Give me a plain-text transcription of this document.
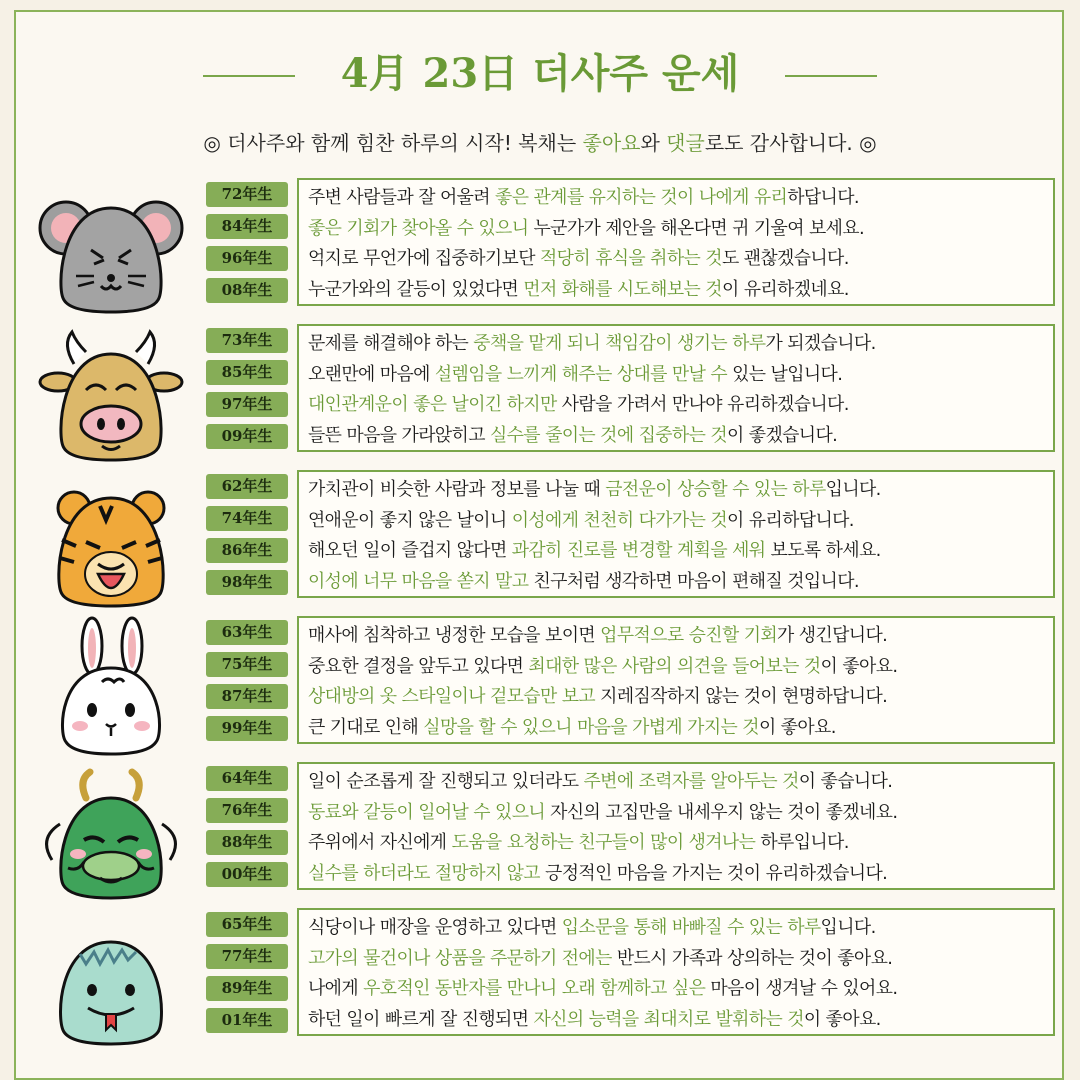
4月 23日 더사주 운세
◎ 더사주와 함께 힘찬 하루의 시작! 복채는 좋아요와 댓글로도 감사합니다. ◎
72年生
84年生
96年生
08年生
주변 사람들과 잘 어울려 좋은 관계를 유지하는 것이 나에게 유리하답니다.
좋은 기회가 찾아올 수 있으니 누군가가 제안을 해온다면 귀 기울여 보세요.
억지로 무언가에 집중하기보단 적당히 휴식을 취하는 것도 괜찮겠습니다.
누군가와의 갈등이 있었다면 먼저 화해를 시도해보는 것이 유리하겠네요.
73年生
85年生
97年生
09年生
문제를 해결해야 하는 중책을 맡게 되니 책임감이 생기는 하루가 되겠습니다.
오랜만에 마음에 설렘임을 느끼게 해주는 상대를 만날 수 있는 날입니다.
대인관계운이 좋은 날이긴 하지만 사람을 가려서 만나야 유리하겠습니다.
들뜬 마음을 가라앉히고 실수를 줄이는 것에 집중하는 것이 좋겠습니다.
62年生
74年生
86年生
98年生
가치관이 비슷한 사람과 정보를 나눌 때 금전운이 상승할 수 있는 하루입니다.
연애운이 좋지 않은 날이니 이성에게 천천히 다가가는 것이 유리하답니다.
해오던 일이 즐겁지 않다면 과감히 진로를 변경할 계획을 세워 보도록 하세요.
이성에 너무 마음을 쏟지 말고 친구처럼 생각하면 마음이 편해질 것입니다.
63年生
75年生
87年生
99年生
매사에 침착하고 냉정한 모습을 보이면 업무적으로 승진할 기회가 생긴답니다.
중요한 결정을 앞두고 있다면 최대한 많은 사람의 의견을 들어보는 것이 좋아요.
상대방의 옷 스타일이나 겉모습만 보고 지레짐작하지 않는 것이 현명하답니다.
큰 기대로 인해 실망을 할 수 있으니 마음을 가볍게 가지는 것이 좋아요.
64年生
76年生
88年生
00年生
일이 순조롭게 잘 진행되고 있더라도 주변에 조력자를 알아두는 것이 좋습니다.
동료와 갈등이 일어날 수 있으니 자신의 고집만을 내세우지 않는 것이 좋겠네요.
주위에서 자신에게 도움을 요청하는 친구들이 많이 생겨나는 하루입니다.
실수를 하더라도 절망하지 않고 긍정적인 마음을 가지는 것이 유리하겠습니다.
65年生
77年生
89年生
01年生
식당이나 매장을 운영하고 있다면 입소문을 통해 바빠질 수 있는 하루입니다.
고가의 물건이나 상품을 주문하기 전에는 반드시 가족과 상의하는 것이 좋아요.
나에게 우호적인 동반자를 만나니 오래 함께하고 싶은 마음이 생겨날 수 있어요.
하던 일이 빠르게 잘 진행되면 자신의 능력을 최대치로 발휘하는 것이 좋아요.
